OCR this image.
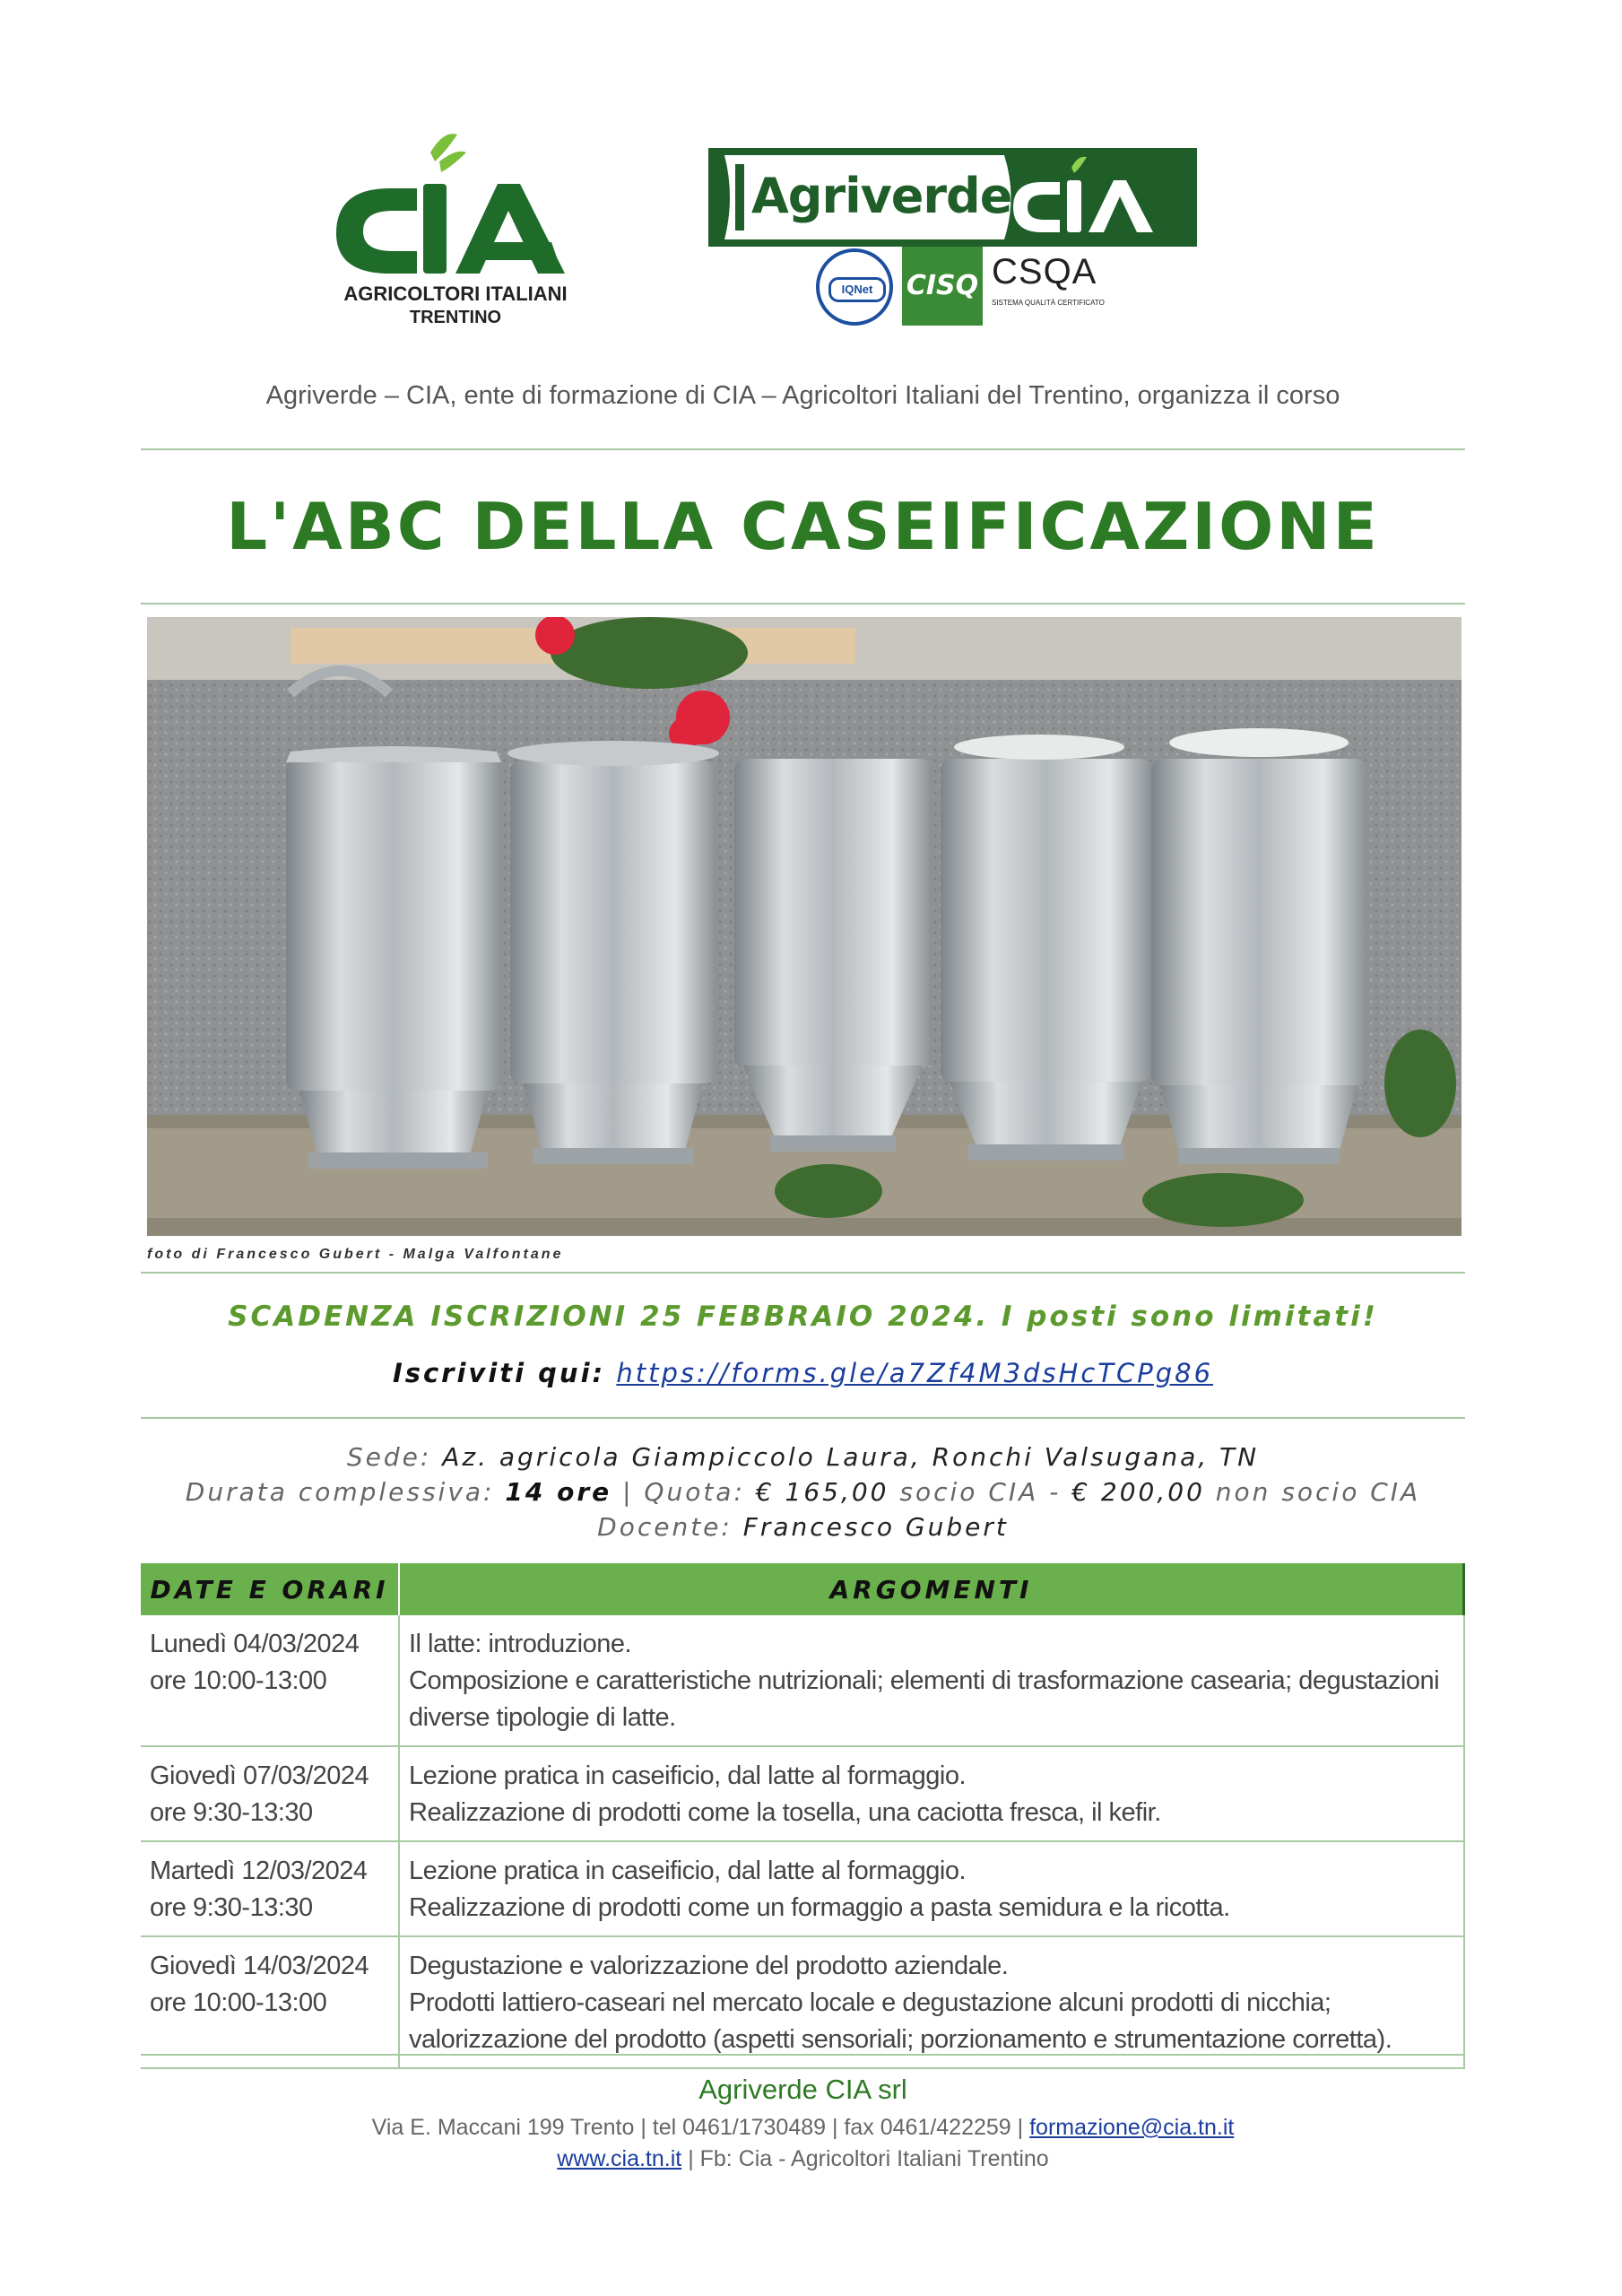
AGRICOLTORI ITALIANI
TRENTINO
Agriverde
IQNet	CISQ CSQA
SISTEMA QUALITÀ CERTIFICATO
Agriverde – CIA, ente di formazione di CIA – Agricoltori Italiani del Trentino, organizza il corso
L'ABC DELLA CASEIFICAZIONE
foto di Francesco Gubert - Malga Valfontane
SCADENZA ISCRIZIONI 25 FEBBRAIO 2024. I posti sono limitati!
Iscriviti qui: https://forms.gle/a7Zf4M3dsHcTCPg86
Sede: Az. agricola Giampiccolo Laura, Ronchi Valsugana, TN
Durata complessiva: 14 ore | Quota: € 165,00 socio CIA - € 200,00 non socio CIA
Docente: Francesco Gubert
DATE E ORARI	ARGOMENTI

Lunedì 04/03/2024
ore 10:00-13:00	Il latte: introduzione.
Composizione e caratteristiche nutrizionali; elementi di trasformazione casearia; degustazioni diverse tipologie di latte.

Giovedì 07/03/2024
ore 9:30-13:30	Lezione pratica in caseificio, dal latte al formaggio.
Realizzazione di prodotti come la tosella, una caciotta fresca, il kefir.

Martedì 12/03/2024
ore 9:30-13:30	Lezione pratica in caseificio, dal latte al formaggio.
Realizzazione di prodotti come un formaggio a pasta semidura e la ricotta.

Giovedì 14/03/2024
ore 10:00-13:00	Degustazione e valorizzazione del prodotto aziendale.
Prodotti lattiero-caseari nel mercato locale e degustazione alcuni prodotti di nicchia; valorizzazione del prodotto (aspetti sensoriali; porzionamento e strumentazione corretta).
Agriverde CIA srl
Via E. Maccani 199 Trento | tel 0461/1730489 | fax 0461/422259 | formazione@cia.tn.it
www.cia.tn.it | Fb: Cia - Agricoltori Italiani Trentino
